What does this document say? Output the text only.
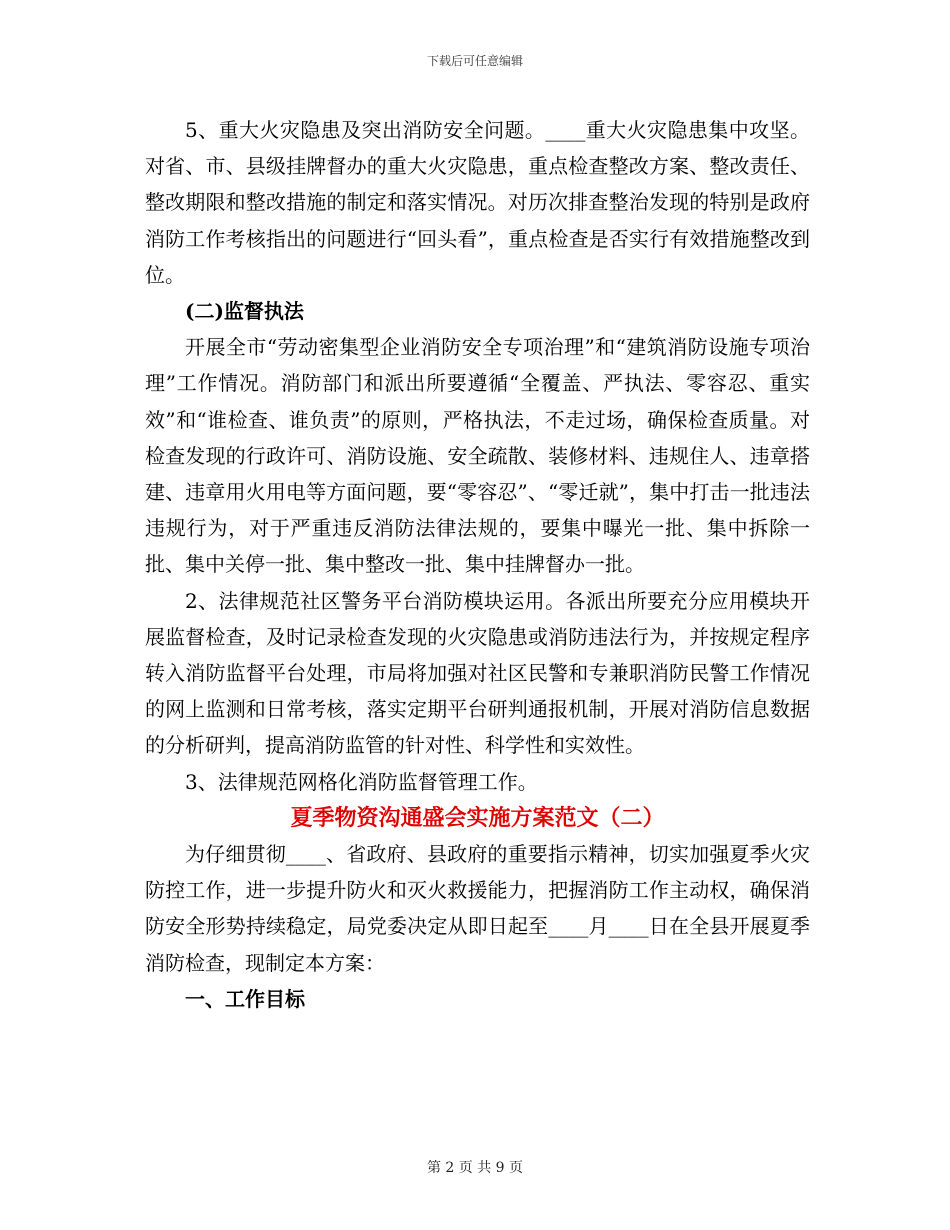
下载后可任意编辑

5、重大火灾隐患及突出消防安全问题。____重大火灾隐患集中攻坚。对省、市、县级挂牌督办的重大火灾隐患，重点检查整改方案、整改责任、整改期限和整改措施的制定和落实情况。对历次排查整治发现的特别是政府消防工作考核指出的问题进行“回头看”，重点检查是否实行有效措施整改到位。

(二)监督执法

开展全市“劳动密集型企业消防安全专项治理”和“建筑消防设施专项治理”工作情况。消防部门和派出所要遵循“全覆盖、严执法、零容忍、重实效”和“谁检查、谁负责”的原则，严格执法，不走过场，确保检查质量。对检查发现的行政许可、消防设施、安全疏散、装修材料、违规住人、违章搭建、违章用火用电等方面问题，要“零容忍”、“零迁就”，集中打击一批违法违规行为，对于严重违反消防法律法规的，要集中曝光一批、集中拆除一批、集中关停一批、集中整改一批、集中挂牌督办一批。

2、法律规范社区警务平台消防模块运用。各派出所要充分应用模块开展监督检查，及时记录检查发现的火灾隐患或消防违法行为，并按规定程序转入消防监督平台处理，市局将加强对社区民警和专兼职消防民警工作情况的网上监测和日常考核，落实定期平台研判通报机制，开展对消防信息数据的分析研判，提高消防监管的针对性、科学性和实效性。

3、法律规范网格化消防监督管理工作。

夏季物资沟通盛会实施方案范文（二）

为仔细贯彻____、省政府、县政府的重要指示精神，切实加强夏季火灾防控工作，进一步提升防火和灭火救援能力，把握消防工作主动权，确保消防安全形势持续稳定，局党委决定从即日起至____月____日在全县开展夏季消防检查，现制定本方案：

一、工作目标

第 2 页 共 9 页
